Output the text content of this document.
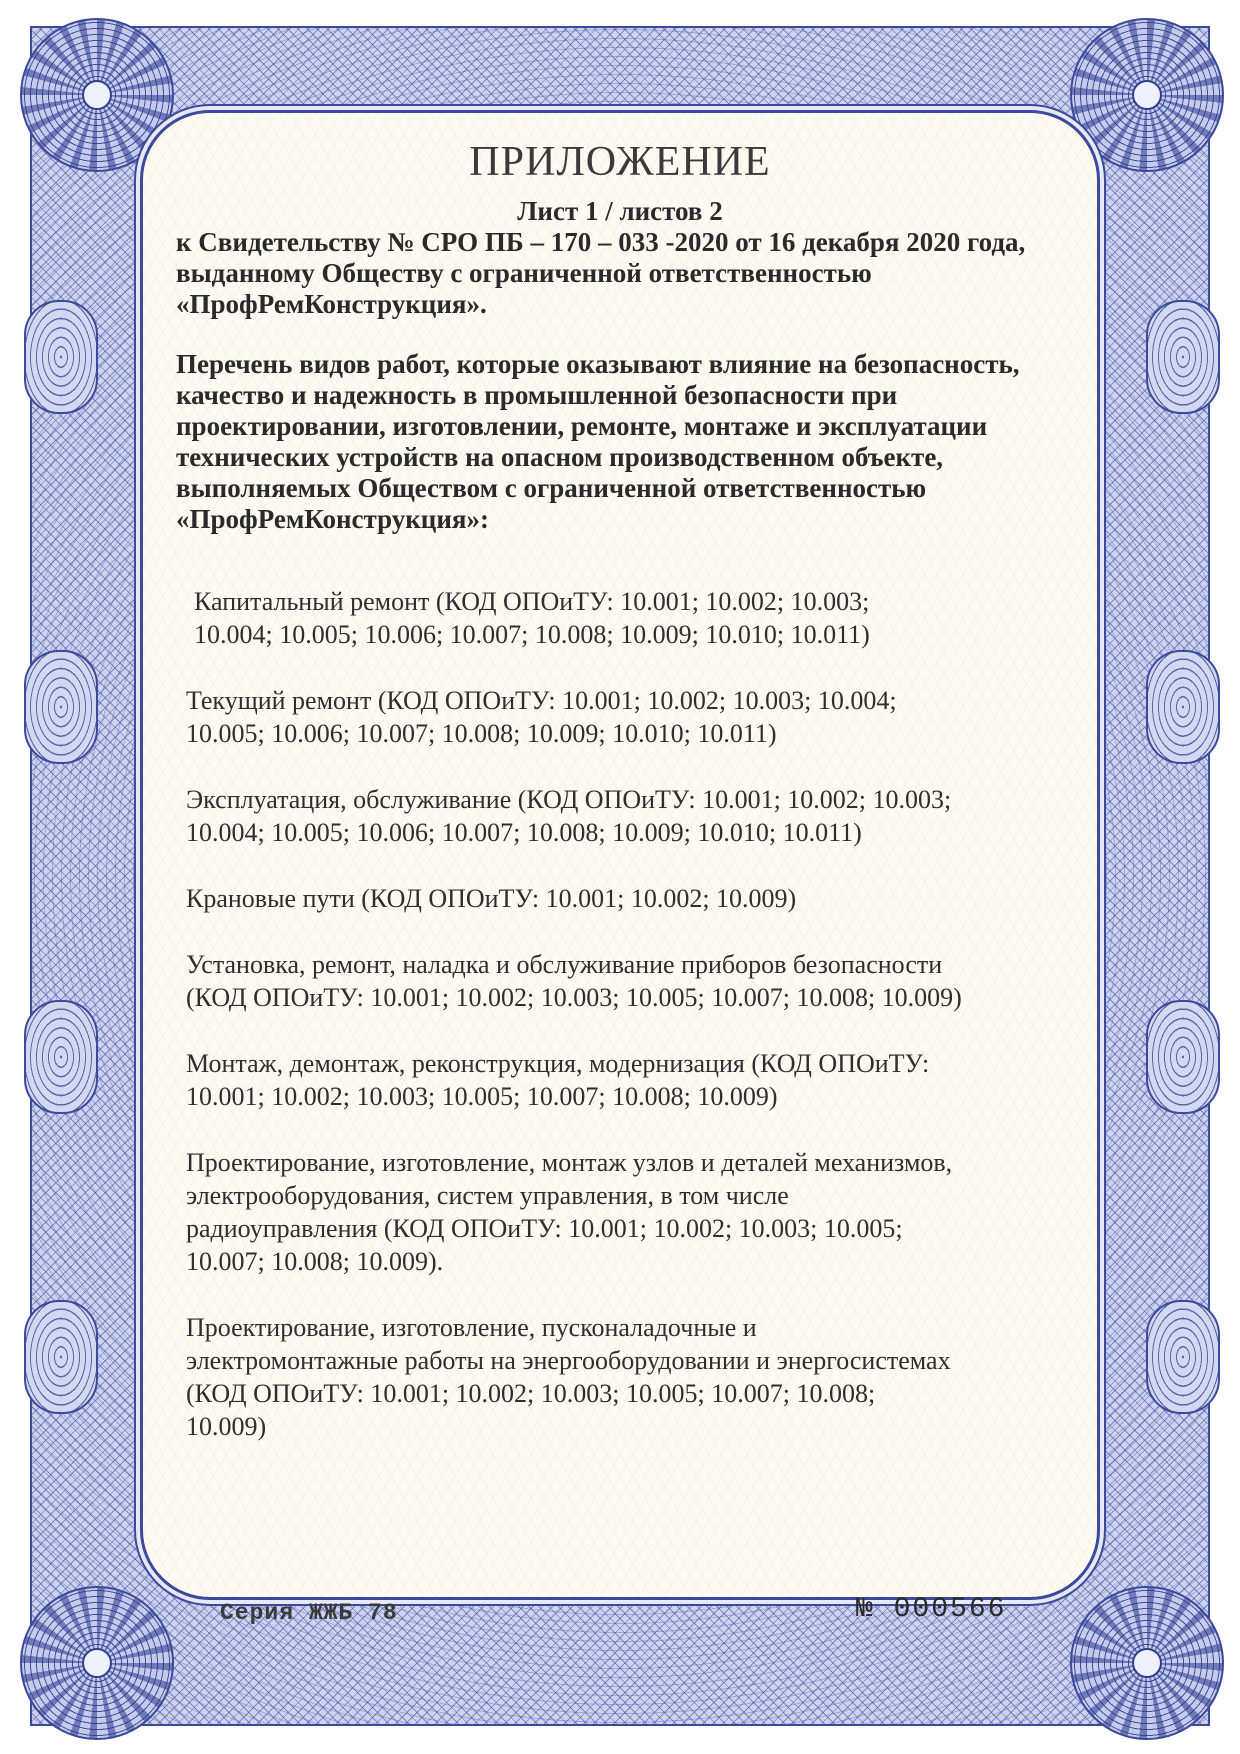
ПРИЛОЖЕНИЕ
Лист 1 / листов 2
к Свидетельству № СРО ПБ – 170 – 033 -2020 от 16 декабря 2020 года,
выданному Обществу с ограниченной ответственностью
«ПрофРемКонструкция».
Перечень видов работ, которые оказывают влияние на безопасность,
качество и надежность в промышленной безопасности при
проектировании, изготовлении, ремонте, монтаже и эксплуатации
технических устройств на опасном производственном объекте,
выполняемых Обществом с ограниченной ответственностью
«ПрофРемКонструкция»:
Капитальный ремонт (КОД ОПОиТУ: 10.001; 10.002; 10.003;
10.004; 10.005; 10.006; 10.007; 10.008; 10.009; 10.010; 10.011)
Текущий ремонт (КОД ОПОиТУ: 10.001; 10.002; 10.003; 10.004;
10.005; 10.006; 10.007; 10.008; 10.009; 10.010; 10.011)
Эксплуатация, обслуживание (КОД ОПОиТУ: 10.001; 10.002; 10.003;
10.004; 10.005; 10.006; 10.007; 10.008; 10.009; 10.010; 10.011)
Крановые пути (КОД ОПОиТУ: 10.001; 10.002; 10.009)
Установка, ремонт, наладка и обслуживание приборов безопасности
(КОД ОПОиТУ: 10.001; 10.002; 10.003; 10.005; 10.007; 10.008; 10.009)
Монтаж, демонтаж, реконструкция, модернизация (КОД ОПОиТУ:
10.001; 10.002; 10.003; 10.005; 10.007; 10.008; 10.009)
Проектирование, изготовление, монтаж узлов и деталей механизмов,
электрооборудования, систем управления, в том числе
радиоуправления (КОД ОПОиТУ: 10.001; 10.002; 10.003; 10.005;
10.007; 10.008; 10.009).
Проектирование, изготовление, пусконаладочные и
электромонтажные работы на энергооборудовании и энергосистемах
(КОД ОПОиТУ: 10.001; 10.002; 10.003; 10.005; 10.007; 10.008;
10.009)
Серия ЖЖБ 78	№ 000566
